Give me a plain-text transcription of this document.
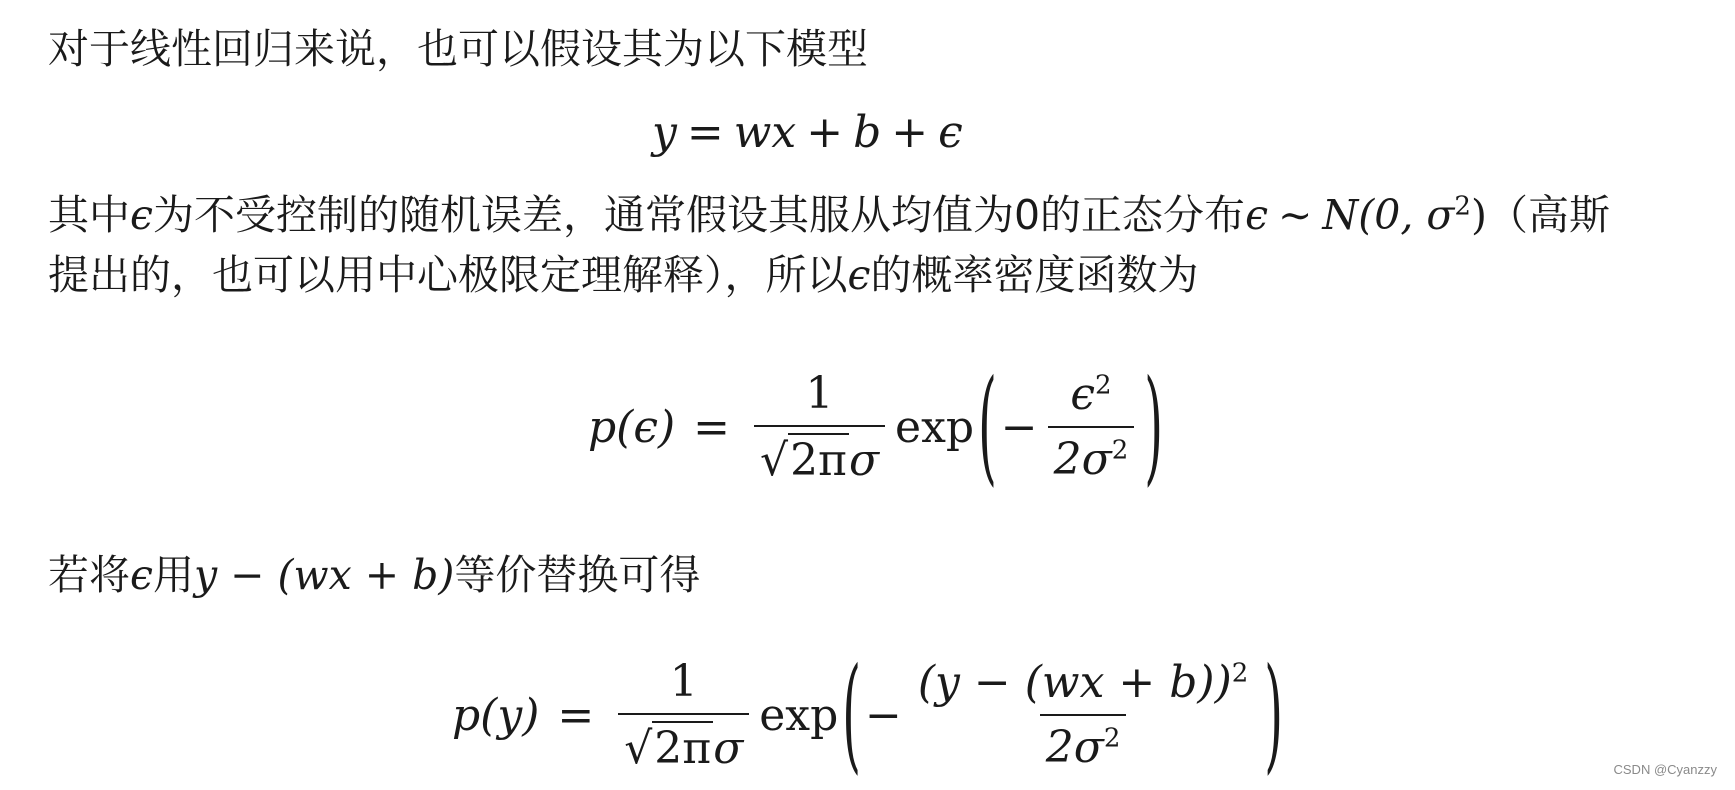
对于线性回归来说，也可以假设其为以下模型
y = wx + b + ϵ
其中ϵ为不受控制的随机误差，通常假设其服从均值为0的正态分布ϵ ∼ N(0, $\sigma^2$)（高斯
提出的，也可以用中心极限定理解释），所以ϵ的概率密度函数为
$p(\epsilon) = \frac{1}{\text{√ 2π σ}}$ exp ( − $\frac{\epsilon^2}{2\sigma^2}$ )
若将ϵ用y − (wx + b)等价替换可得
$p(y) = \frac{1}{\text{√ 2π σ}}$ exp ( − $\frac{(y - (wx + b))^2}{2\sigma^2}$ )	CSDN @Cyanzzy
